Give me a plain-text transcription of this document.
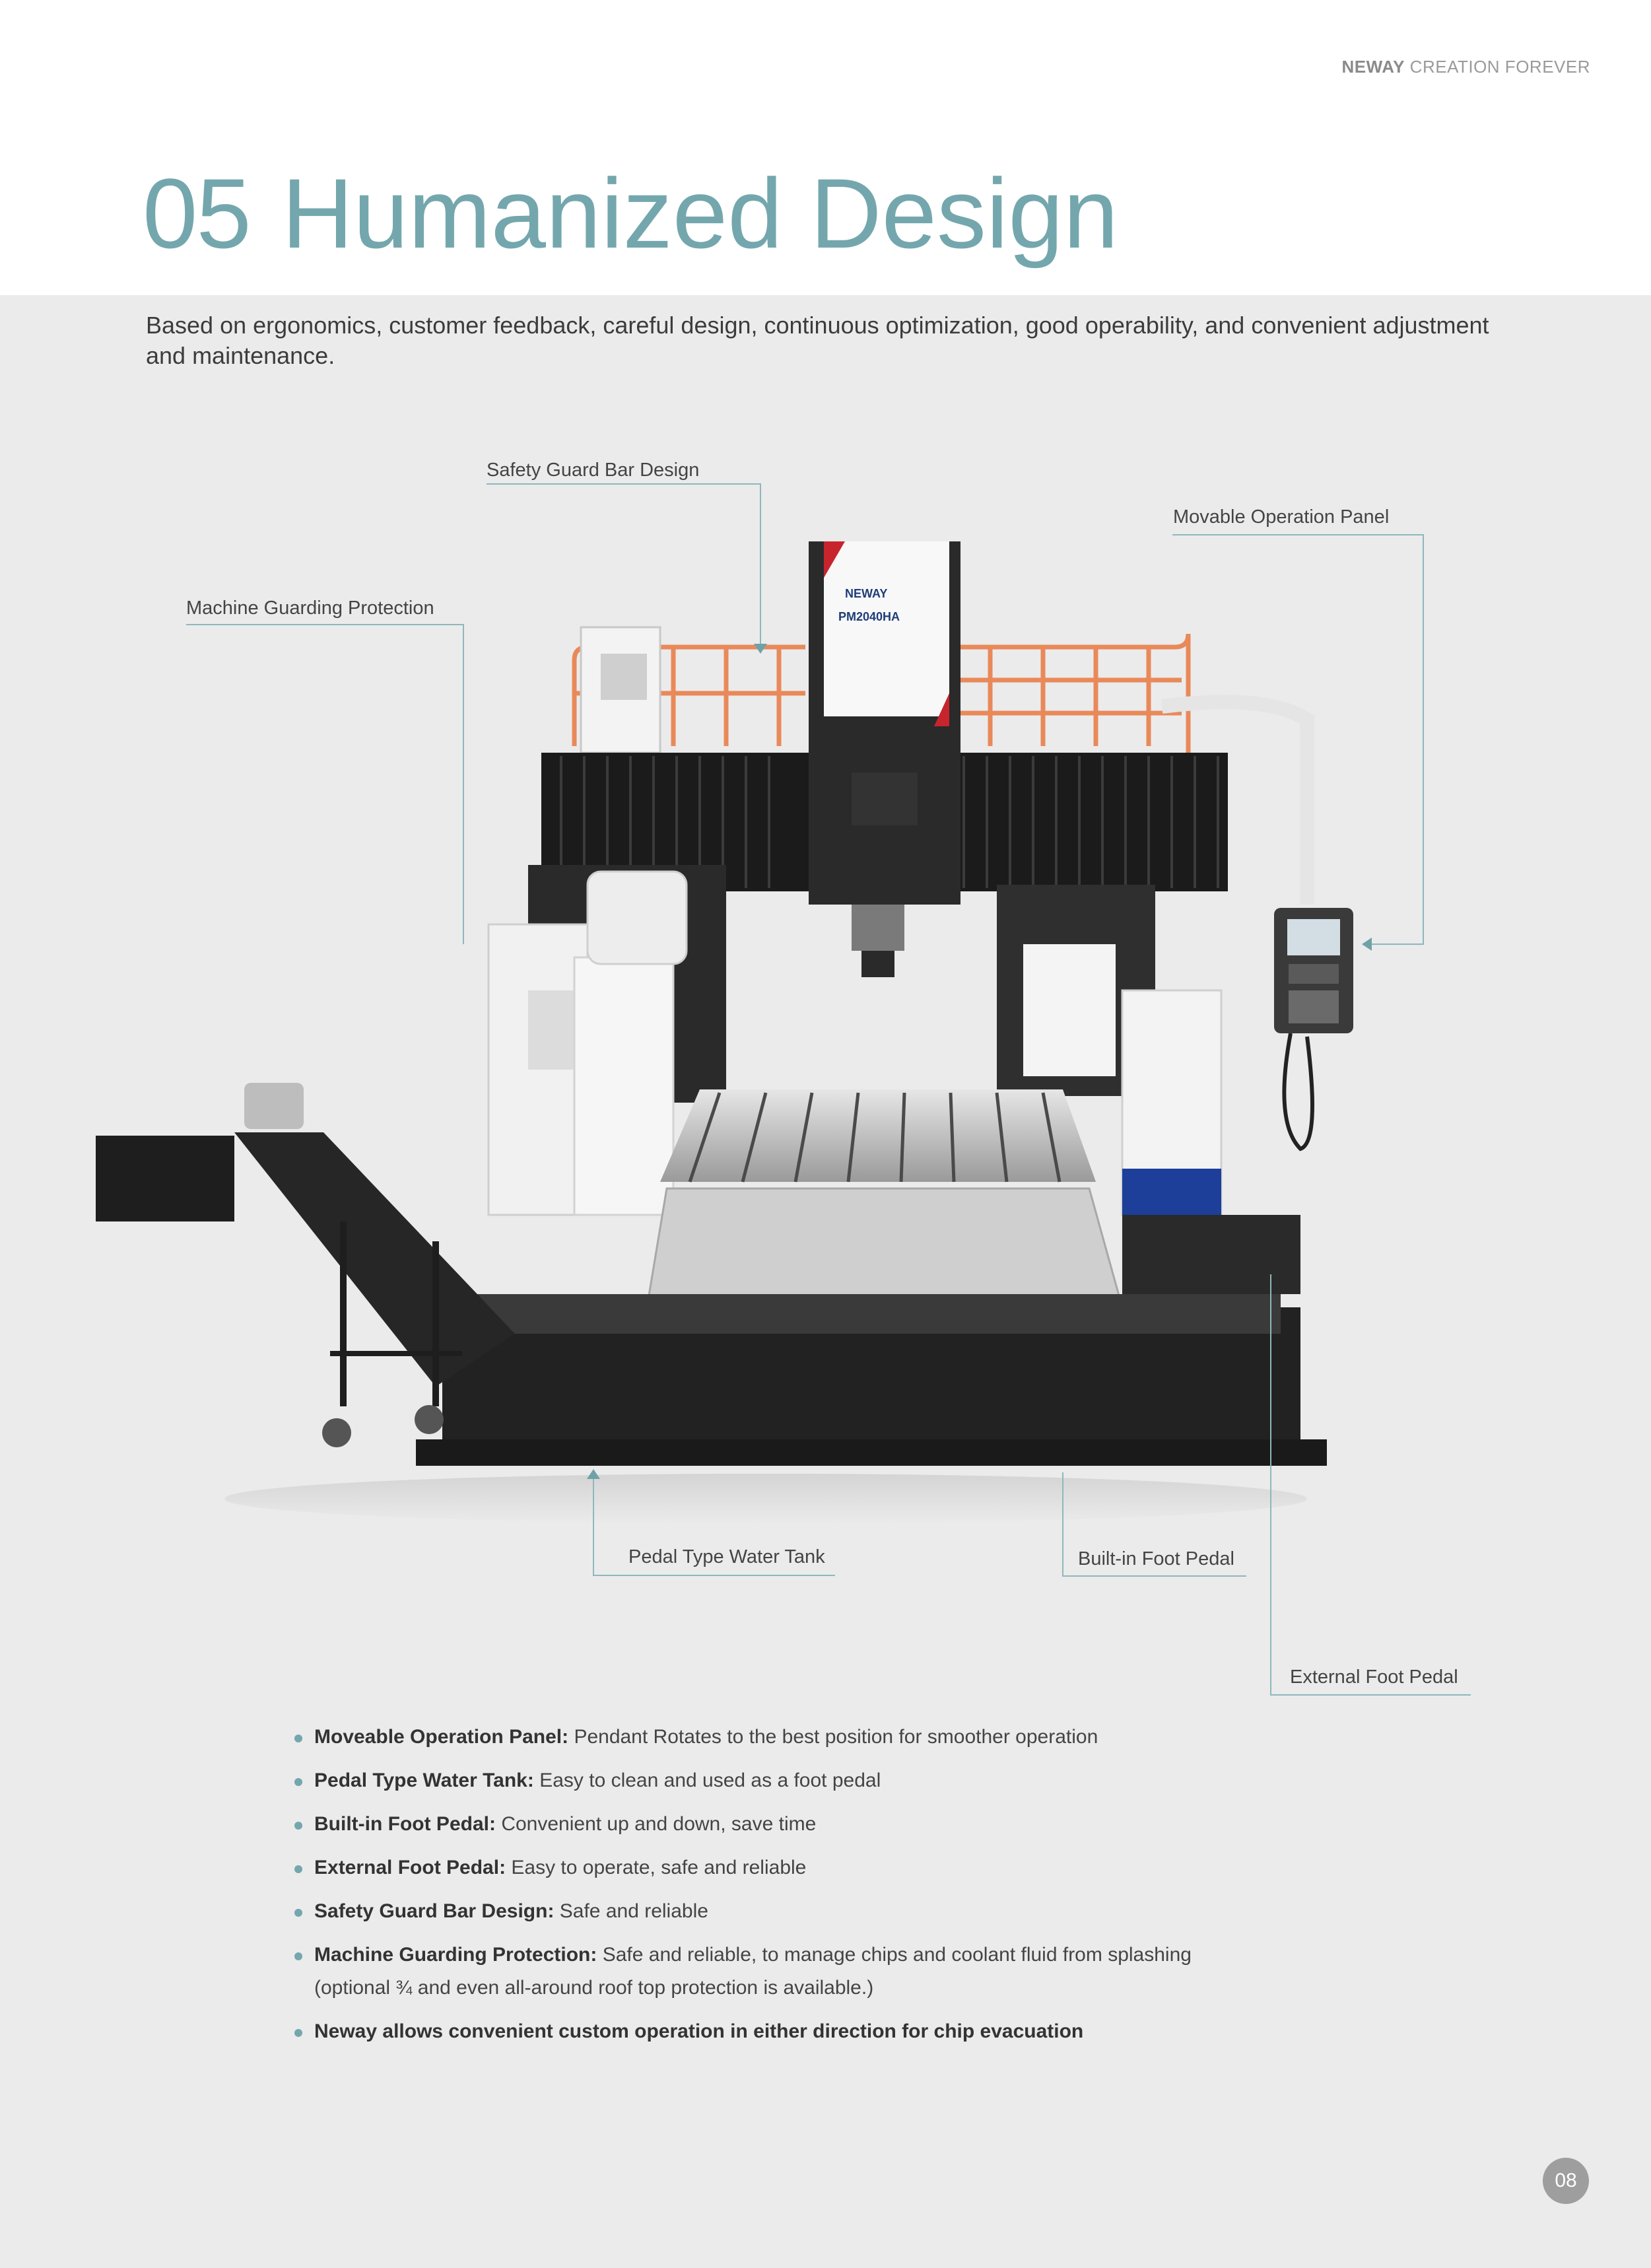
NEWAY CREATION FOREVER
05 Humanized Design
Based on ergonomics, customer feedback, careful design, continuous optimization, good operability, and convenient adjustment and maintenance.
NEWAY
PM2040HA
Safety Guard Bar Design
Movable Operation Panel
Machine Guarding Protection
Pedal Type Water Tank	Built-in Foot Pedal
External Foot Pedal
Moveable Operation Panel: Pendant Rotates to the best position for smoother operation
Pedal Type Water Tank: Easy to clean and used as a foot pedal
Built-in Foot Pedal: Convenient up and down, save time
External Foot Pedal: Easy to operate, safe and reliable
Safety Guard Bar Design: Safe and reliable
Machine Guarding Protection: Safe and reliable, to manage chips and coolant fluid from splashing
(optional ¾ and even all-around roof top protection is available.)
Neway allows convenient custom operation in either direction for chip evacuation
08
